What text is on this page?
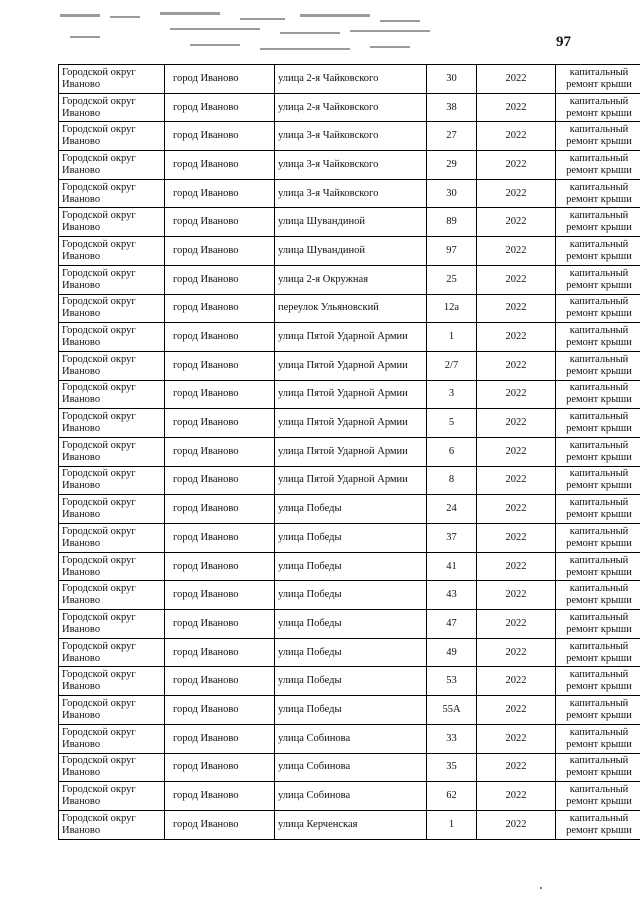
97
Городской округ Иваново	город Иваново	улица 2-я Чайковского	30	2022	капитальный ремонт крыши
Городской округ Иваново	город Иваново	улица 2-я Чайковского	38	2022	капитальный ремонт крыши
Городской округ Иваново	город Иваново	улица 3-я Чайковского	27	2022	капитальный ремонт крыши
Городской округ Иваново	город Иваново	улица 3-я Чайковского	29	2022	капитальный ремонт крыши
Городской округ Иваново	город Иваново	улица 3-я Чайковского	30	2022	капитальный ремонт крыши
Городской округ Иваново	город Иваново	улица Шувандиной	89	2022	капитальный ремонт крыши
Городской округ Иваново	город Иваново	улица Шувандиной	97	2022	капитальный ремонт крыши
Городской округ Иваново	город Иваново	улица 2-я Окружная	25	2022	капитальный ремонт крыши
Городской округ Иваново	город Иваново	переулок Ульяновский	12а	2022	капитальный ремонт крыши
Городской округ Иваново	город Иваново	улица Пятой Ударной Армии	1	2022	капитальный ремонт крыши
Городской округ Иваново	город Иваново	улица Пятой Ударной Армии	2/7	2022	капитальный ремонт крыши
Городской округ Иваново	город Иваново	улица Пятой Ударной Армии	3	2022	капитальный ремонт крыши
Городской округ Иваново	город Иваново	улица Пятой Ударной Армии	5	2022	капитальный ремонт крыши
Городской округ Иваново	город Иваново	улица Пятой Ударной Армии	6	2022	капитальный ремонт крыши
Городской округ Иваново	город Иваново	улица Пятой Ударной Армии	8	2022	капитальный ремонт крыши
Городской округ Иваново	город Иваново	улица Победы	24	2022	капитальный ремонт крыши
Городской округ Иваново	город Иваново	улица Победы	37	2022	капитальный ремонт крыши
Городской округ Иваново	город Иваново	улица Победы	41	2022	капитальный ремонт крыши
Городской округ Иваново	город Иваново	улица Победы	43	2022	капитальный ремонт крыши
Городской округ Иваново	город Иваново	улица Победы	47	2022	капитальный ремонт крыши
Городской округ Иваново	город Иваново	улица Победы	49	2022	капитальный ремонт крыши
Городской округ Иваново	город Иваново	улица Победы	53	2022	капитальный ремонт крыши
Городской округ Иваново	город Иваново	улица Победы	55А	2022	капитальный ремонт крыши
Городской округ Иваново	город Иваново	улица Собинова	33	2022	капитальный ремонт крыши
Городской округ Иваново	город Иваново	улица Собинова	35	2022	капитальный ремонт крыши
Городской округ Иваново	город Иваново	улица Собинова	62	2022	капитальный ремонт крыши
Городской округ Иваново	город Иваново	улица Керченская	1	2022	капитальный ремонт крыши
